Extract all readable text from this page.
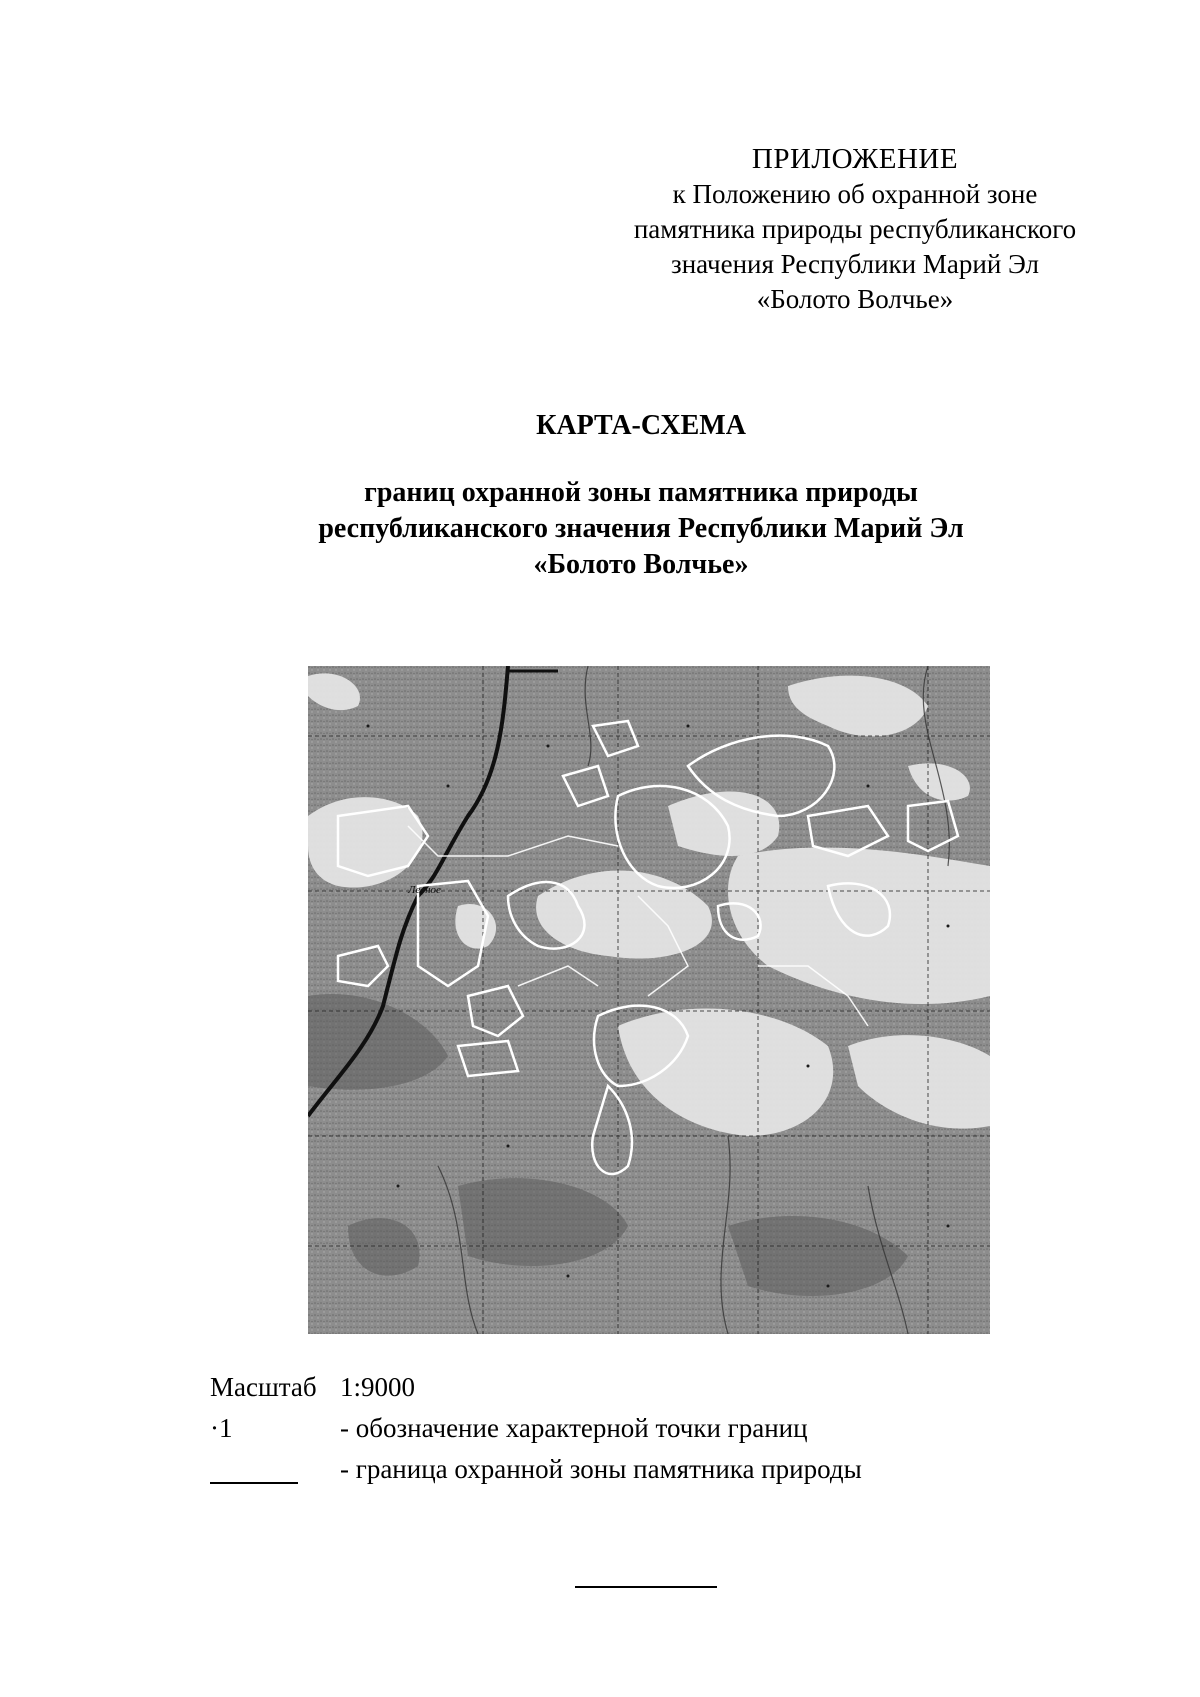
ПРИЛОЖЕНИЕ
к Положению об охранной зоне
памятника природы республиканского
значения Республики Марий Эл
«Болото Волчье»
КАРТА-СХЕМА
границ охранной зоны памятника природы
республиканского значения Республики Марий Эл
«Болото Волчье»
Лесное
Масштаб 1:9000
·1	- обозначение характерной точки границ
- граница охранной зоны памятника природы
